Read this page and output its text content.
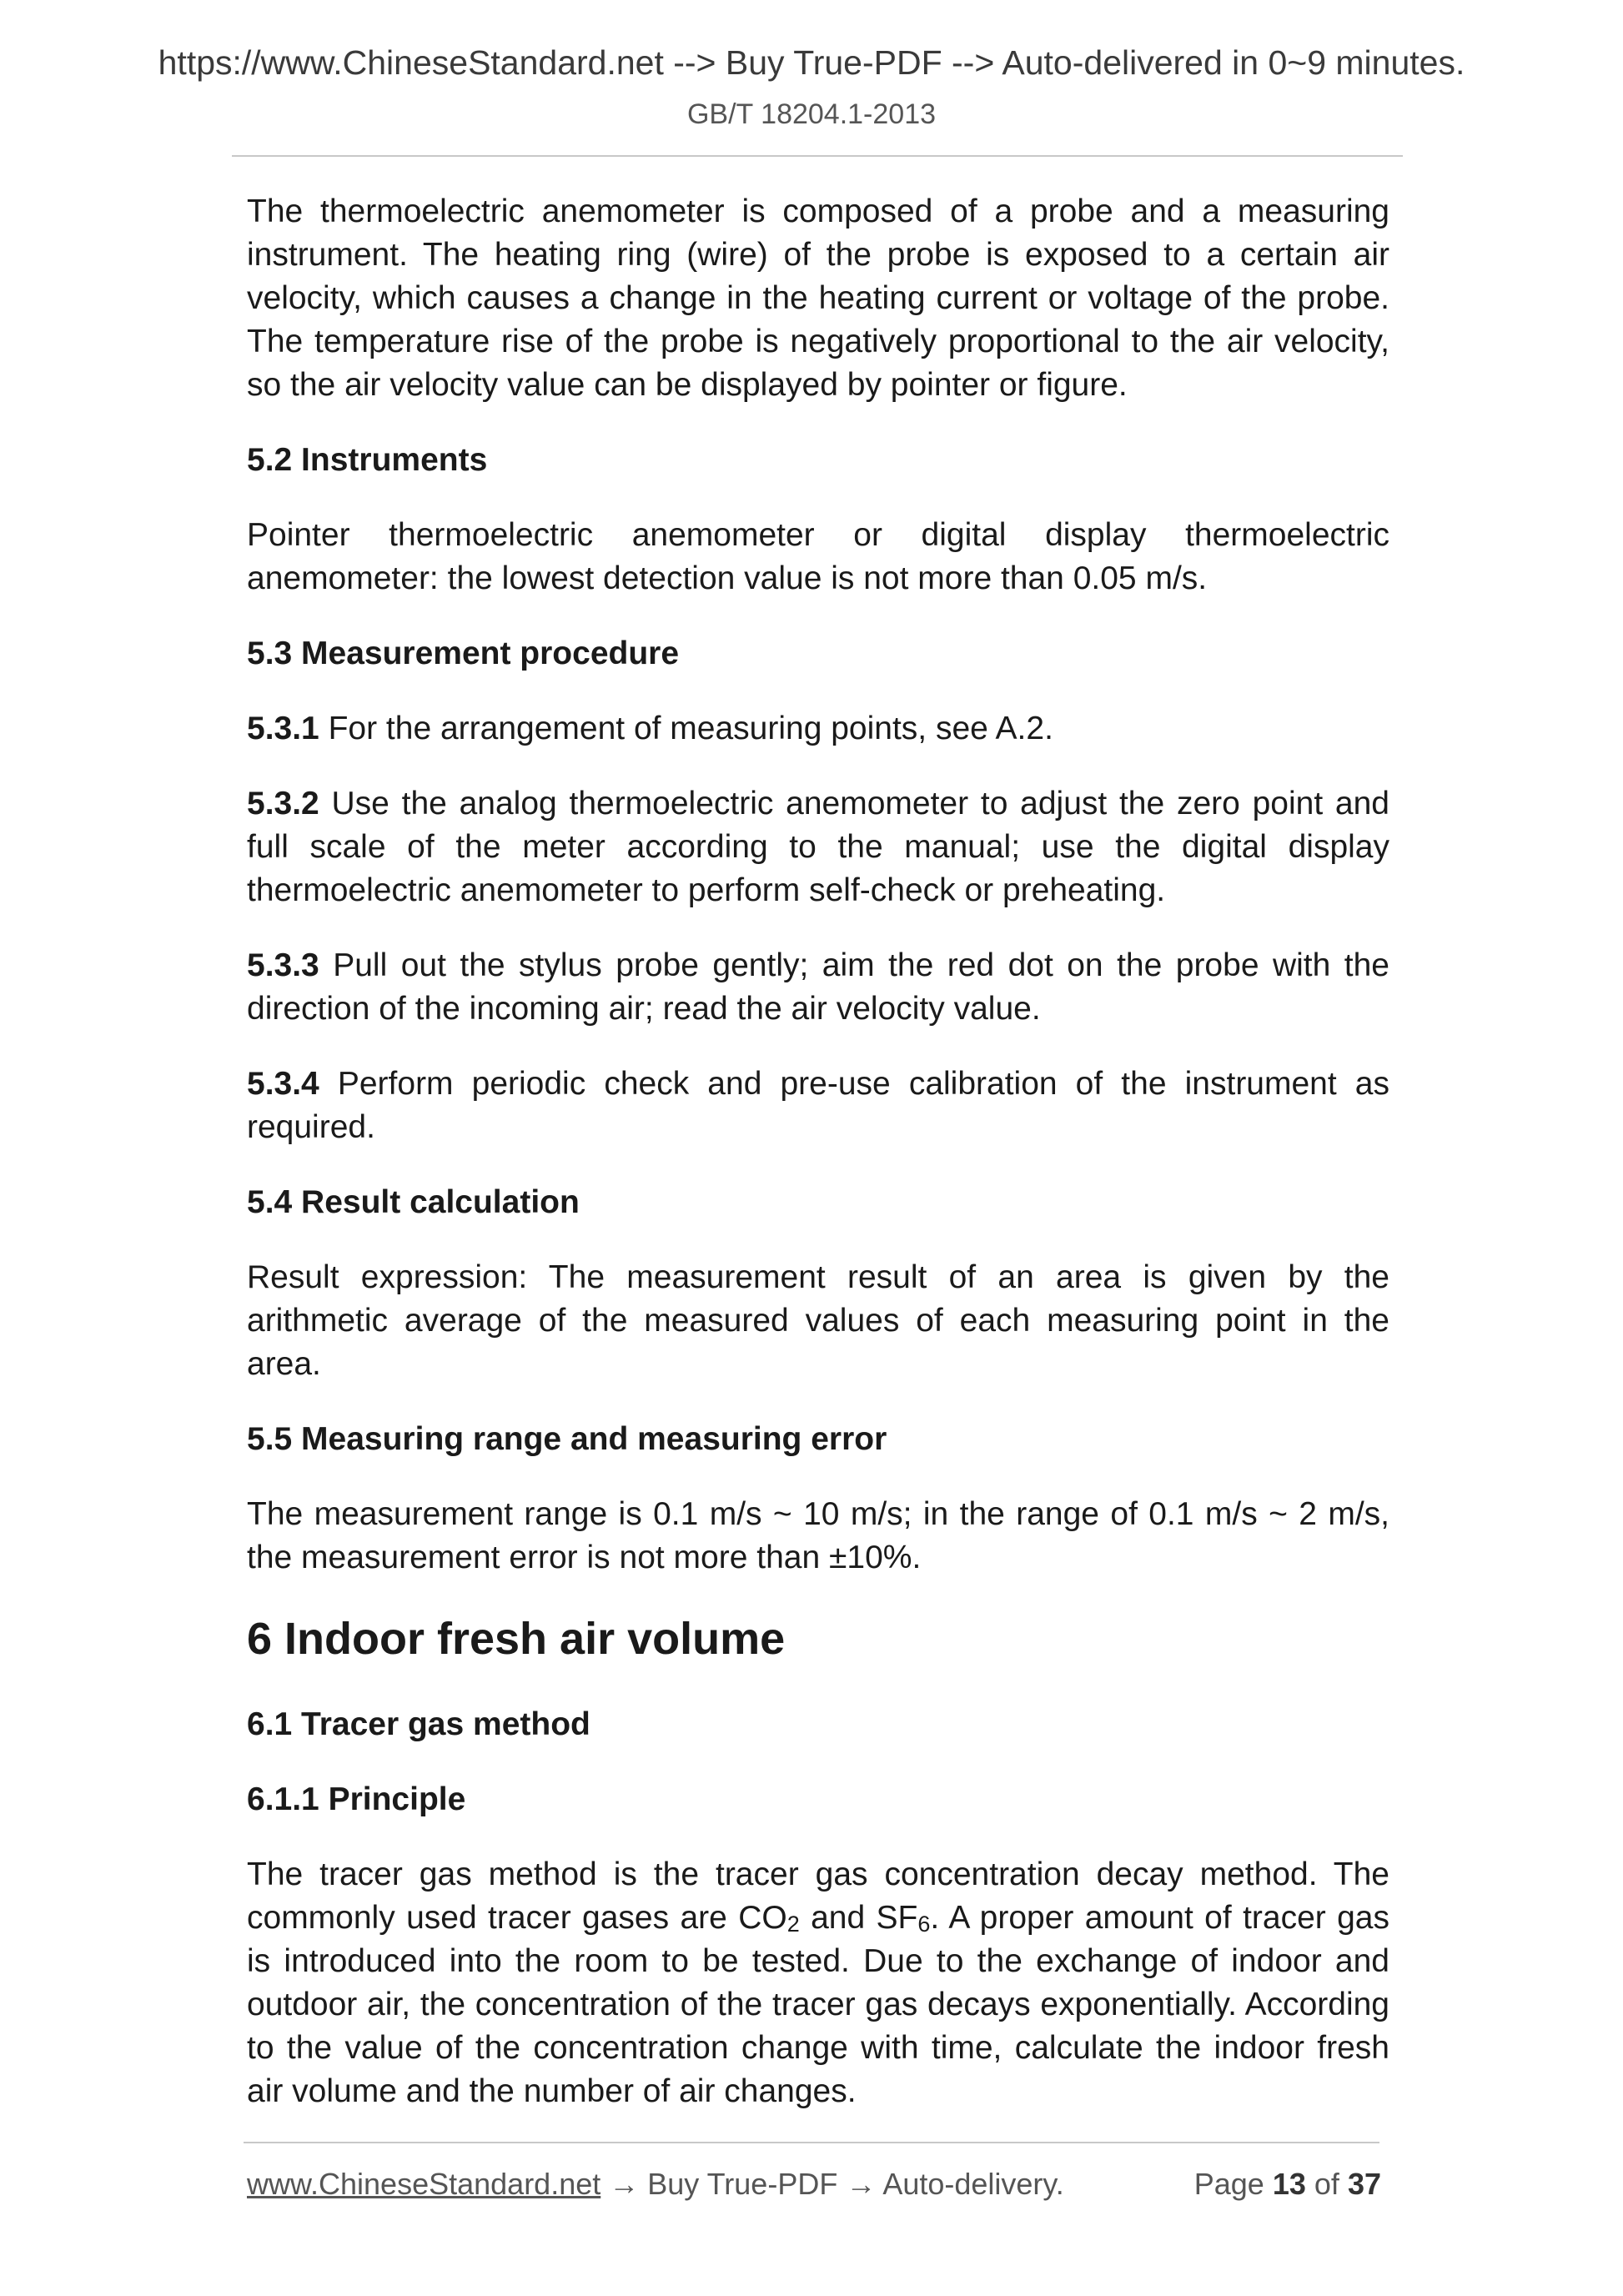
https://www.ChineseStandard.net --> Buy True-PDF --> Auto-delivered in 0~9 minutes.
GB/T 18204.1-2013

The thermoelectric anemometer is composed of a probe and a measuring instrument. The heating ring (wire) of the probe is exposed to a certain air velocity, which causes a change in the heating current or voltage of the probe. The temperature rise of the probe is negatively proportional to the air velocity, so the air velocity value can be displayed by pointer or figure.

5.2 Instruments

Pointer thermoelectric anemometer or digital display thermoelectric anemometer: the lowest detection value is not more than 0.05 m/s.

5.3 Measurement procedure

5.3.1 For the arrangement of measuring points, see A.2.

5.3.2 Use the analog thermoelectric anemometer to adjust the zero point and full scale of the meter according to the manual; use the digital display thermoelectric anemometer to perform self-check or preheating.

5.3.3 Pull out the stylus probe gently; aim the red dot on the probe with the direction of the incoming air; read the air velocity value.

5.3.4 Perform periodic check and pre-use calibration of the instrument as required.

5.4 Result calculation

Result expression: The measurement result of an area is given by the arithmetic average of the measured values of each measuring point in the area.

5.5 Measuring range and measuring error

The measurement range is 0.1 m/s ~ 10 m/s; in the range of 0.1 m/s ~ 2 m/s, the measurement error is not more than ±10%.

6 Indoor fresh air volume

6.1 Tracer gas method

6.1.1 Principle

The tracer gas method is the tracer gas concentration decay method. The commonly used tracer gases are $CO_2$ and $SF_6$. A proper amount of tracer gas is introduced into the room to be tested. Due to the exchange of indoor and outdoor air, the concentration of the tracer gas decays exponentially. According to the value of the concentration change with time, calculate the indoor fresh air volume and the number of air changes.

www.ChineseStandard.net → Buy True-PDF → Auto-delivery.	Page 13 of 37
